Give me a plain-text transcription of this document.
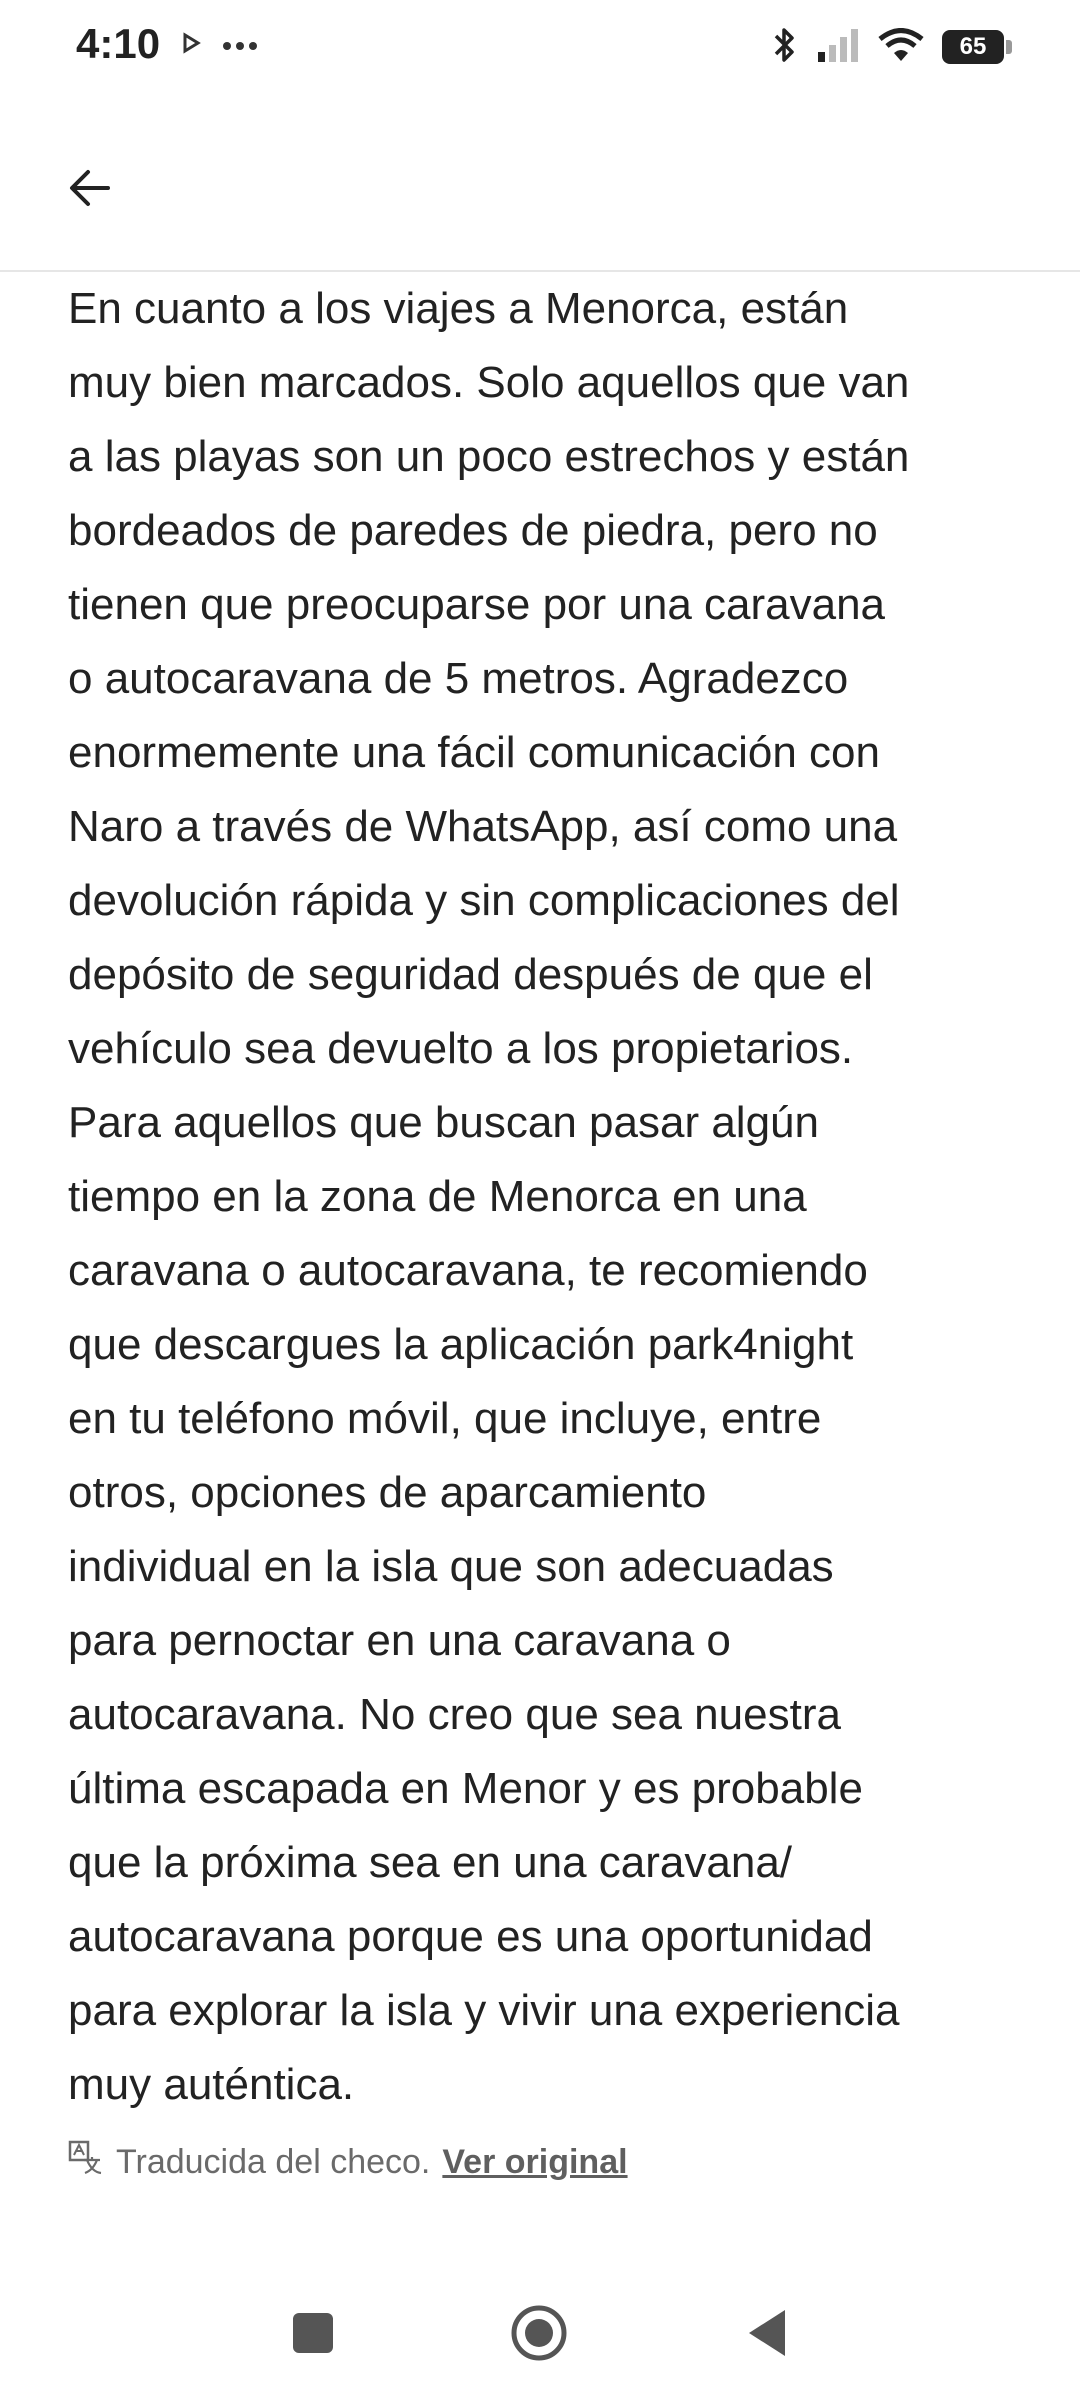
4:10	65

En cuanto a los viajes a Menorca, están
muy bien marcados. Solo aquellos que van
a las playas son un poco estrechos y están
bordeados de paredes de piedra, pero no
tienen que preocuparse por una caravana
o autocaravana de 5 metros. Agradezco
enormemente una fácil comunicación con
Naro a través de WhatsApp, así como una
devolución rápida y sin complicaciones del
depósito de seguridad después de que el
vehículo sea devuelto a los propietarios.
Para aquellos que buscan pasar algún
tiempo en la zona de Menorca en una
caravana o autocaravana, te recomiendo
que descargues la aplicación park4night
en tu teléfono móvil, que incluye, entre
otros, opciones de aparcamiento
individual en la isla que son adecuadas
para pernoctar en una caravana o
autocaravana. No creo que sea nuestra
última escapada en Menor y es probable
que la próxima sea en una caravana/
autocaravana porque es una oportunidad
para explorar la isla y vivir una experiencia
muy auténtica.

Traducida del checo. Ver original
